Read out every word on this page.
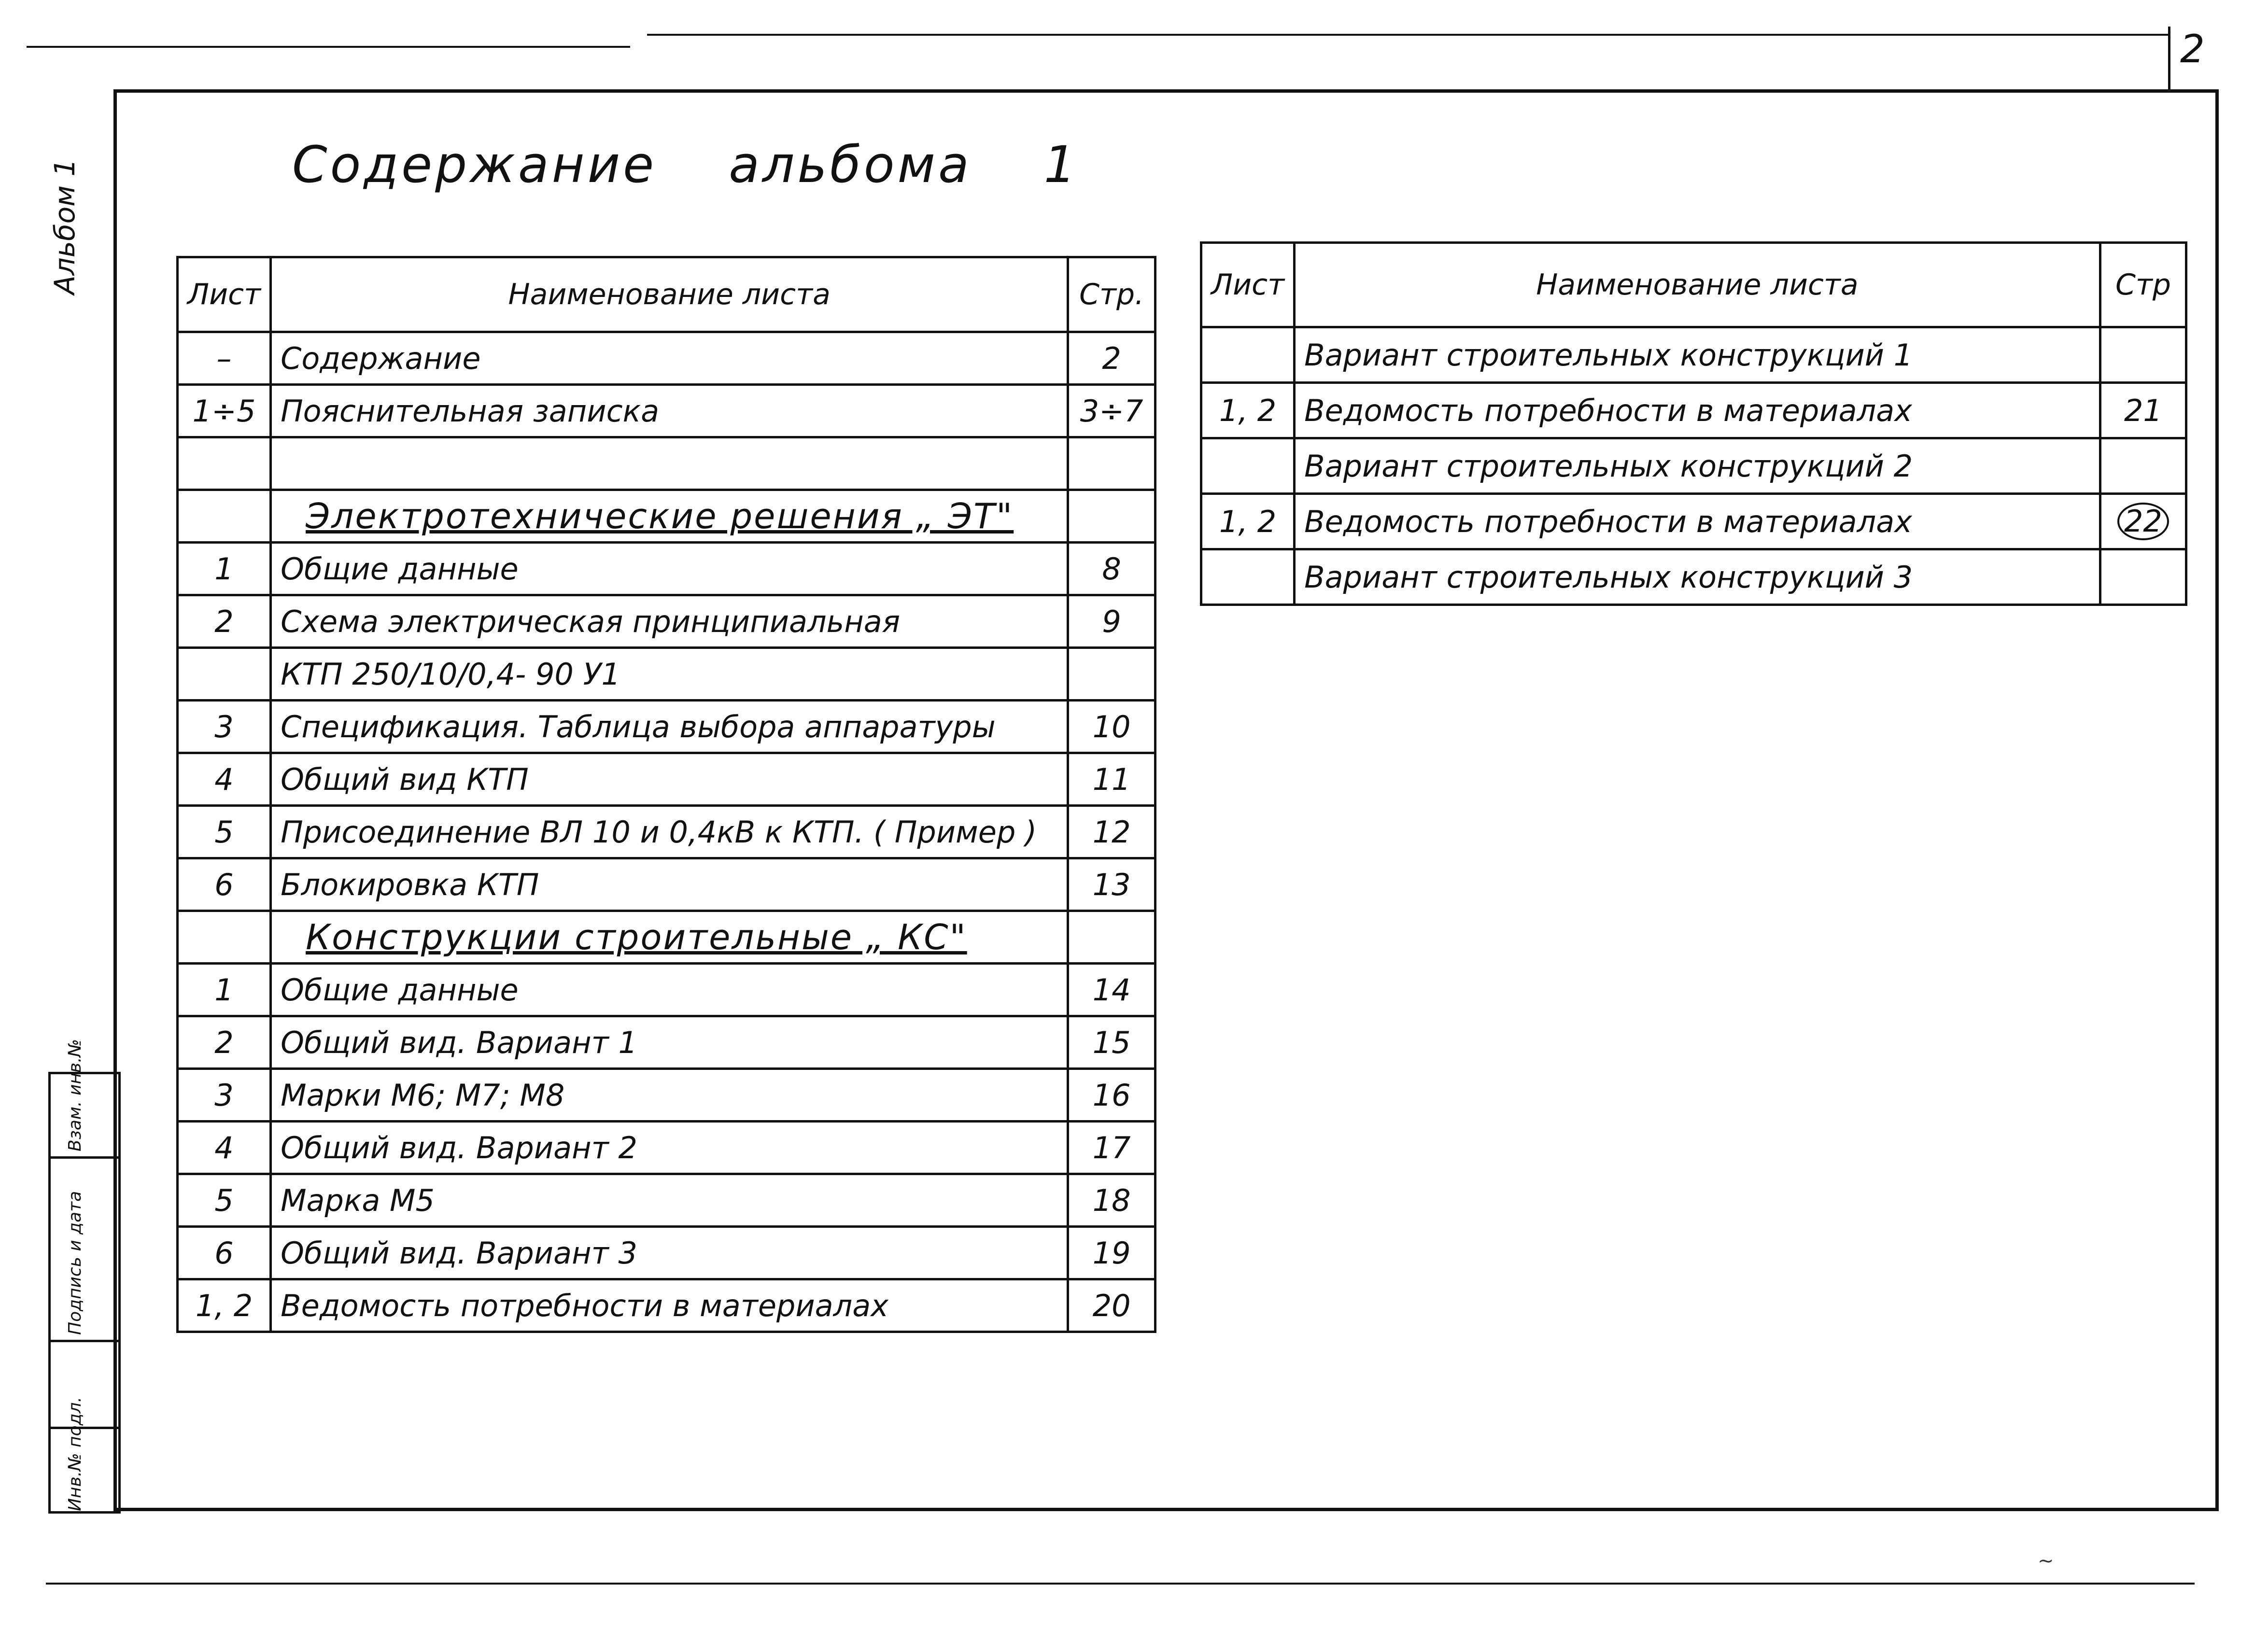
2
~
Альбом 1	Содержание альбома 1
Лист	Наименование листа	Стр.
–	Содержание	2
1÷5	Пояснительная записка	3÷7

	Электротехнические решения „ ЭТ"	
1	Общие данные	8
2	Схема электрическая принципиальная	9
	КТП 250/10/0,4- 90 У1	
3	Спецификация. Таблица выбора аппаратуры	10
4	Общий вид КТП	11
5	Присоединение ВЛ 10 и 0,4кВ к КТП. ( Пример )	12
6	Блокировка КТП	13
	Конструкции строительные „ КС"	
1	Общие данные	14
2	Общий вид. Вариант 1	15
3	Марки М6; М7; М8	16
4	Общий вид. Вариант 2	17
5	Марка М5	18
6	Общий вид. Вариант 3	19
1, 2	Ведомость потребности в материалах	20
Лист	Наименование листа	Стр
	Вариант строительных конструкций 1	
1, 2	Ведомость потребности в материалах	21
	Вариант строительных конструкций 2	
1, 2	Ведомость потребности в материалах	22
	Вариант строительных конструкций 3	
Взам. инв.№
Подпись и дата
Инв.№ подл.
